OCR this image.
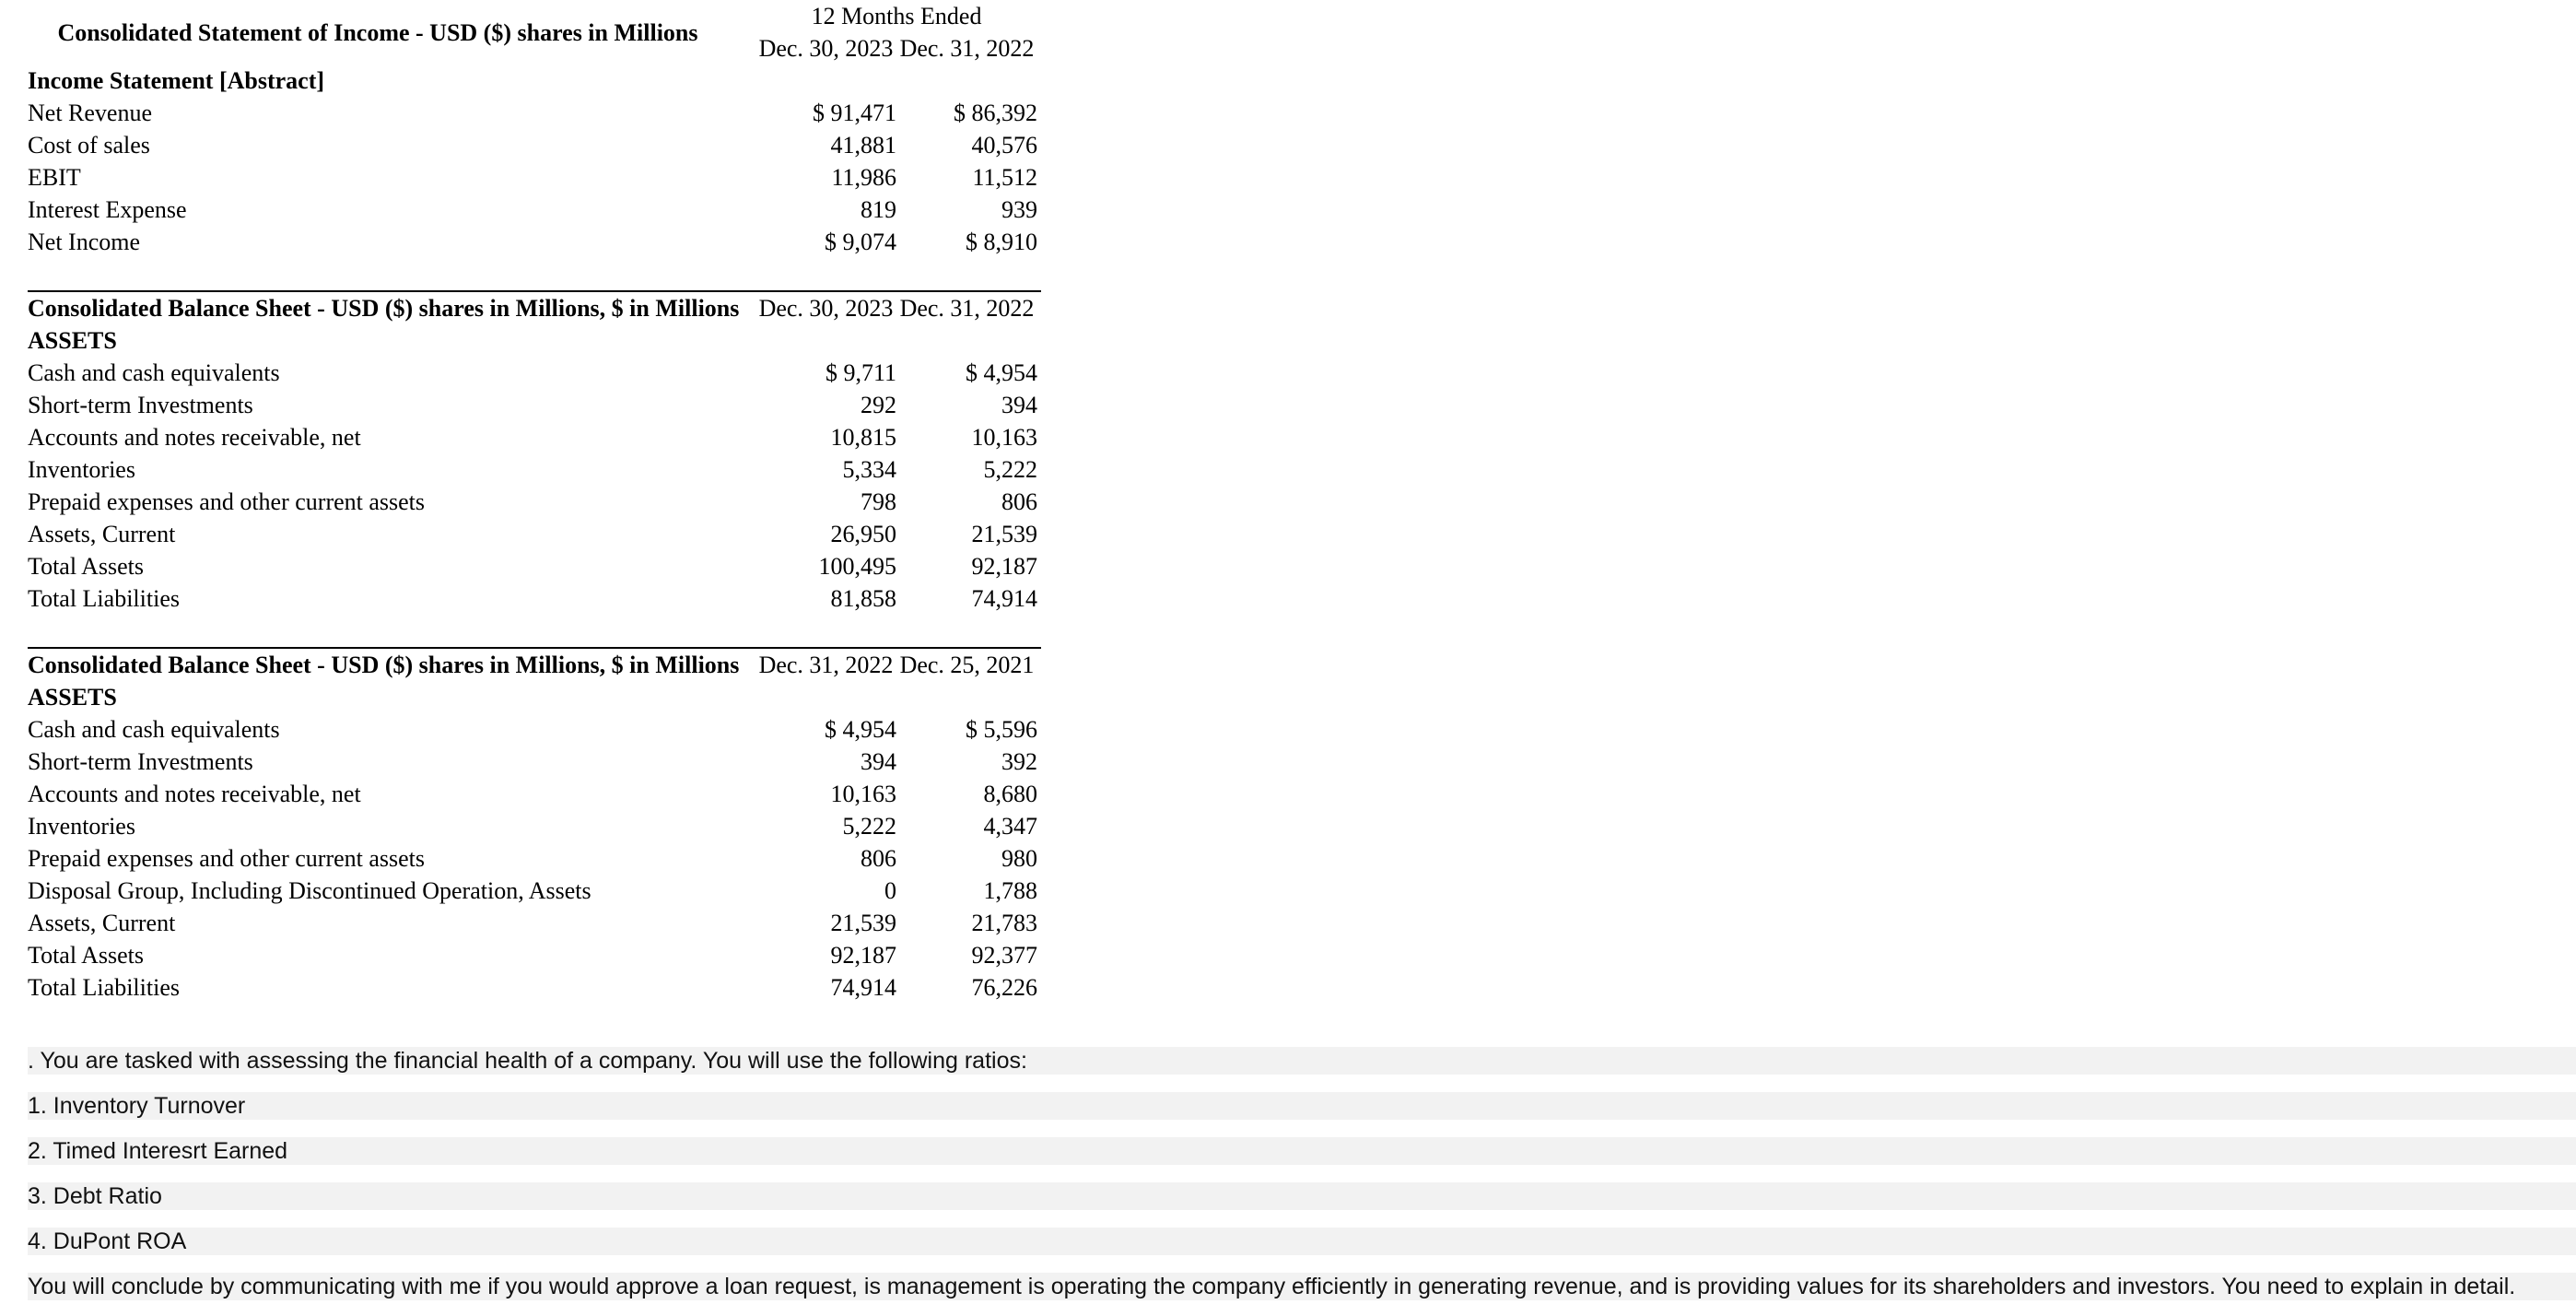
Consolidated Statement of Income - USD ($) shares in Millions	12 Months Ended	
	Dec. 30, 2023	Dec. 31, 2022
Income Statement [Abstract]		
Net Revenue	$ 91,471	$ 86,392
Cost of sales	41,881	40,576
EBIT	11,986	11,512
Interest Expense	819	939
Net Income	$ 9,074	$ 8,910
Consolidated Balance Sheet - USD ($) shares in Millions, $ in Millions	Dec. 30, 2023	Dec. 31, 2022
ASSETS		
Cash and cash equivalents	$ 9,711	$ 4,954
Short-term Investments	292	394
Accounts and notes receivable, net	10,815	10,163
Inventories	5,334	5,222
Prepaid expenses and other current assets	798	806
Assets, Current	26,950	21,539
Total Assets	100,495	92,187
Total Liabilities	81,858	74,914
Consolidated Balance Sheet - USD ($) shares in Millions, $ in Millions	Dec. 31, 2022	Dec. 25, 2021
ASSETS		
Cash and cash equivalents	$ 4,954	$ 5,596
Short-term Investments	394	392
Accounts and notes receivable, net	10,163	8,680
Inventories	5,222	4,347
Prepaid expenses and other current assets	806	980
Disposal Group, Including Discontinued Operation, Assets	0	1,788
Assets, Current	21,539	21,783
Total Assets	92,187	92,377
Total Liabilities	74,914	76,226
. You are tasked with assessing the financial health of a company. You will use the following ratios:
1. Inventory Turnover
2. Timed Interesrt Earned
3. Debt Ratio
4. DuPont ROA
You will conclude by communicating with me if you would approve a loan request, is management is operating the company efficiently in generating revenue, and is providing values for its shareholders and investors. You need to explain in detail.
